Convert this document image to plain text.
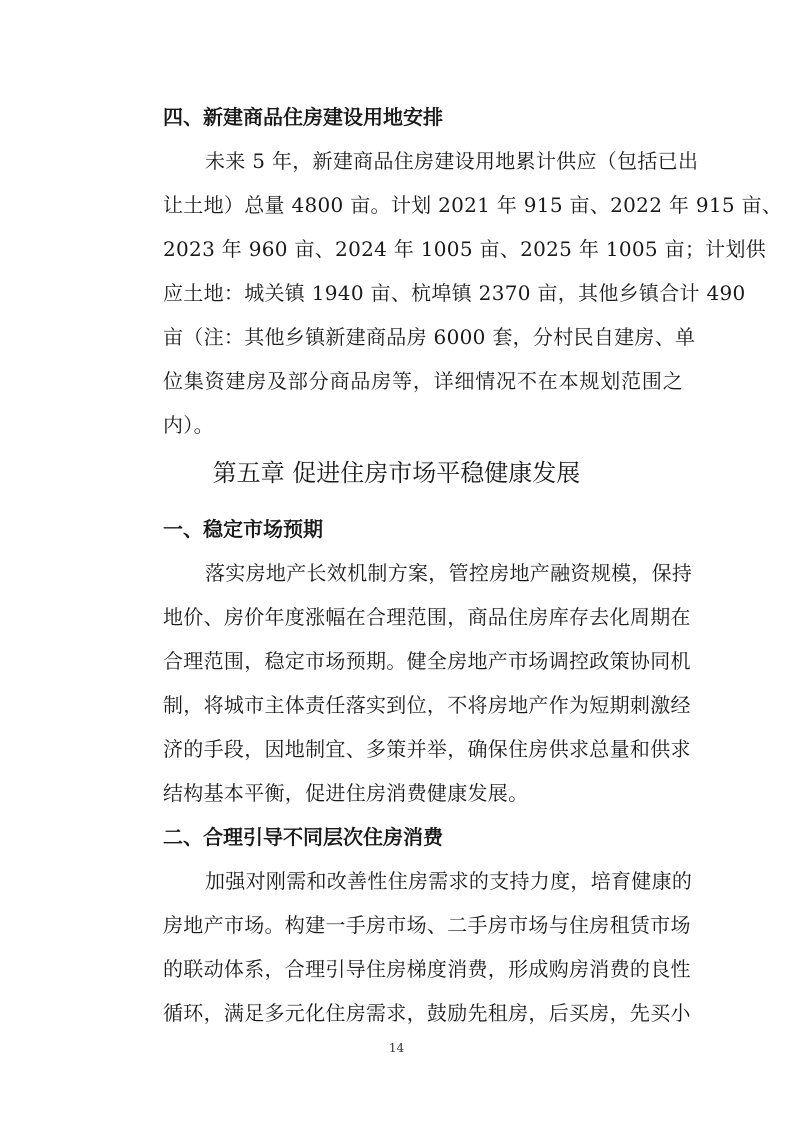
四、新建商品住房建设用地安排
未来 5 年，新建商品住房建设用地累计供应（包括已出
让土地）总量 4800 亩。计划 2021 年 915 亩、2022 年 915 亩、
2023 年 960 亩、2024 年 1005 亩、2025 年 1005 亩；计划供
应土地：城关镇 1940 亩、杭埠镇 2370 亩，其他乡镇合计 490
亩（注：其他乡镇新建商品房 6000 套，分村民自建房、单
位集资建房及部分商品房等，详细情况不在本规划范围之
内）。
第五章 促进住房市场平稳健康发展
一、稳定市场预期
落实房地产长效机制方案，管控房地产融资规模，保持
地价、房价年度涨幅在合理范围，商品住房库存去化周期在
合理范围，稳定市场预期。健全房地产市场调控政策协同机
制，将城市主体责任落实到位，不将房地产作为短期刺激经
济的手段，因地制宜、多策并举，确保住房供求总量和供求
结构基本平衡，促进住房消费健康发展。
二、合理引导不同层次住房消费
加强对刚需和改善性住房需求的支持力度，培育健康的
房地产市场。构建一手房市场、二手房市场与住房租赁市场
的联动体系，合理引导住房梯度消费，形成购房消费的良性
循环，满足多元化住房需求，鼓励先租房，后买房，先买小
14
